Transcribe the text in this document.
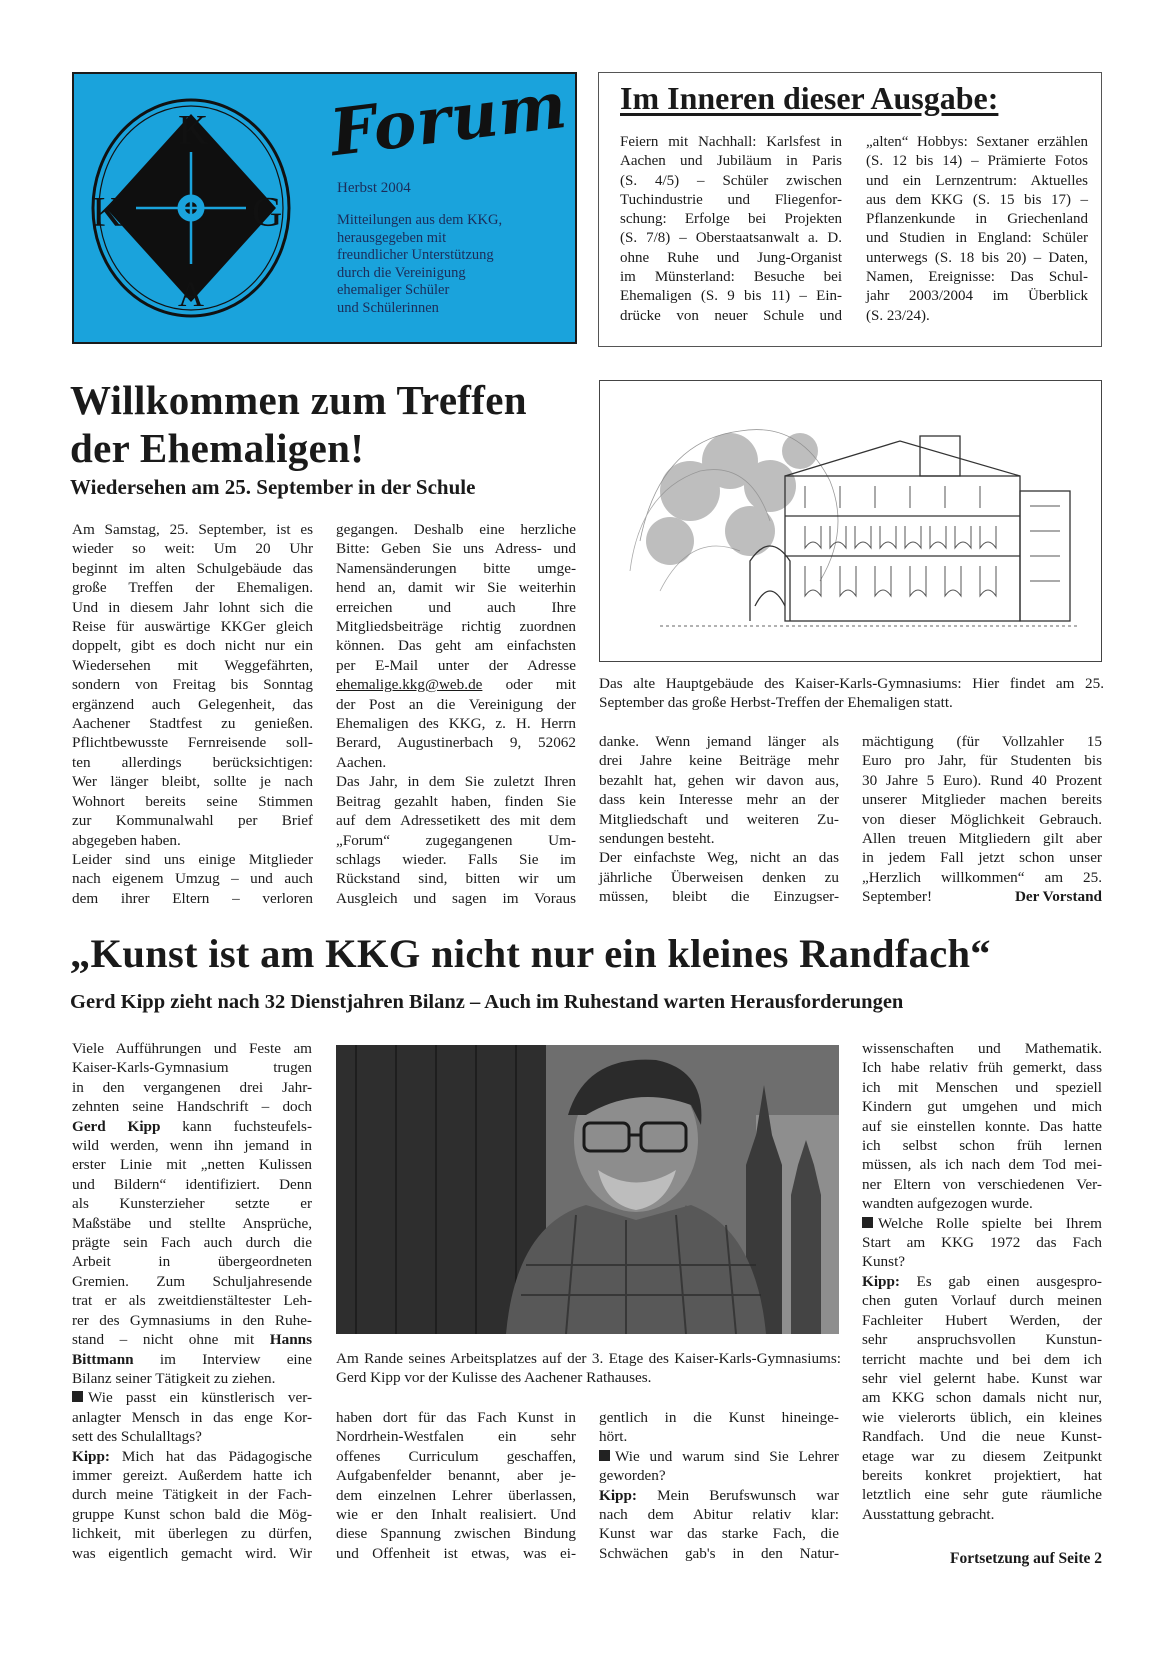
K
K	G
A
Forum
Herbst 2004
Mitteilungen aus dem KKG,
herausgegeben mit
freundlicher Unterstützung
durch die Vereinigung
ehemaliger Schüler
und Schülerinnen
Im Inneren dieser Ausgabe:
Feiern mit Nachhall: Karlsfest in
Aachen und Jubiläum in Paris
(S. 4/5) – Schüler zwischen
Tuchindustrie und Fliegenfor-
schung: Erfolge bei Projekten
(S. 7/8) – Oberstaatsanwalt a. D.
ohne Ruhe und Jung-Organist
im Münsterland: Besuche bei
Ehemaligen (S. 9 bis 11) – Ein-
drücke von neuer Schule und
„alten“ Hobbys: Sextaner erzählen
(S. 12 bis 14) – Prämierte Fotos
und ein Lernzentrum: Aktuelles
aus dem KKG (S. 15 bis 17) –
Pflanzenkunde in Griechenland
und Studien in England: Schüler
unterwegs (S. 18 bis 20) – Daten,
Namen, Ereignisse: Das Schul-
jahr 2003/2004 im Überblick
(S. 23/24).
Willkommen zum Treffen
der Ehemaligen!
Wiedersehen am 25. September in der Schule

Am Samstag, 25. September, ist es

wieder so weit: Um 20 Uhr

beginnt im alten Schulgebäude das

große Treffen der Ehemaligen.

Und in diesem Jahr lohnt sich die

Reise für auswärtige KKGer gleich

doppelt, gibt es doch nicht nur ein

Wiedersehen mit Weggefährten,

sondern von Freitag bis Sonntag

ergänzend auch Gelegenheit, das

Aachener Stadtfest zu genießen.

Pflichtbewusste Fernreisende soll-

ten allerdings berücksichtigen:

Wer länger bleibt, sollte je nach

Wohnort bereits seine Stimmen

zur Kommunalwahl per Brief

abgegeben haben.

Leider sind uns einige Mitglieder

nach eigenem Umzug – und auch

dem ihrer Eltern – verloren

gegangen. Deshalb eine herzliche

Bitte: Geben Sie uns Adress- und

Namensänderungen bitte umge-

hend an, damit wir Sie weiterhin

erreichen und auch Ihre

Mitgliedsbeiträge richtig zuordnen

können. Das geht am einfachsten

per E-Mail unter der Adresse

ehemalige.kkg@web.de oder mit

der Post an die Vereinigung der

Ehemaligen des KKG, z. H. Herrn

Berard, Augustinerbach 9, 52062

Aachen.

Das Jahr, in dem Sie zuletzt Ihren

Beitrag gezahlt haben, finden Sie

auf dem Adressetikett des mit dem

„Forum“ zugegangenen Um-

schlags wieder. Falls Sie im

Rückstand sind, bitten wir um

Ausgleich und sagen im Voraus

Das alte Hauptgebäude des Kaiser-Karls-Gymnasiums: Hier findet am 25. September das große Herbst-Treffen der Ehemaligen statt.

danke. Wenn jemand länger als

drei Jahre keine Beiträge mehr

bezahlt hat, gehen wir davon aus,

dass kein Interesse mehr an der

Mitgliedschaft und weiteren Zu-

sendungen besteht.

Der einfachste Weg, nicht an das

jährliche Überweisen denken zu

müssen, bleibt die Einzugser-

mächtigung (für Vollzahler 15

Euro pro Jahr, für Studenten bis

30 Jahre 5 Euro). Rund 40 Prozent

unserer Mitglieder machen bereits

von dieser Möglichkeit Gebrauch.

Allen treuen Mitgliedern gilt aber

in jedem Fall jetzt schon unser

„Herzlich willkommen“ am 25.

September!	Der Vorstand

„Kunst ist am KKG nicht nur ein kleines Randfach“
Gerd Kipp zieht nach 32 Dienstjahren Bilanz – Auch im Ruhestand warten Herausforderungen

Viele Aufführungen und Feste am

Kaiser-Karls-Gymnasium trugen

in den vergangenen drei Jahr-

zehnten seine Handschrift – doch

Gerd Kipp kann fuchsteufels-

wild werden, wenn ihn jemand in

erster Linie mit „netten Kulissen

und Bildern“ identifiziert. Denn

als Kunsterzieher setzte er

Maßstäbe und stellte Ansprüche,

prägte sein Fach auch durch die

Arbeit in übergeordneten

Gremien. Zum Schuljahresende

trat er als zweitdienstältester Leh-

rer des Gymnasiums in den Ruhe-

stand – nicht ohne mit Hanns

Bittmann im Interview eine

Bilanz seiner Tätigkeit zu ziehen.

Wie passt ein künstlerisch ver-

anlagter Mensch in das enge Kor-

sett des Schulalltags?

Kipp: Mich hat das Pädagogische

immer gereizt. Außerdem hatte ich

durch meine Tätigkeit in der Fach-

gruppe Kunst schon bald die Mög-

lichkeit, mit überlegen zu dürfen,

was eigentlich gemacht wird. Wir

Am Rande seines Arbeitsplatzes auf der 3. Etage des Kaiser-Karls-Gymnasiums: Gerd Kipp vor der Kulisse des Aachener Rathauses.

haben dort für das Fach Kunst in

Nordrhein-Westfalen ein sehr

offenes Curriculum geschaffen,

Aufgabenfelder benannt, aber je-

dem einzelnen Lehrer überlassen,

wie er den Inhalt realisiert. Und

diese Spannung zwischen Bindung

und Offenheit ist etwas, was ei-

gentlich in die Kunst hineinge-

hört.

Wie und warum sind Sie Lehrer

geworden?

Kipp: Mein Berufswunsch war

nach dem Abitur relativ klar:

Kunst war das starke Fach, die

Schwächen gab's in den Natur-

wissenschaften und Mathematik.

Ich habe relativ früh gemerkt, dass

ich mit Menschen und speziell

Kindern gut umgehen und mich

auf sie einstellen konnte. Das hatte

ich selbst schon früh lernen

müssen, als ich nach dem Tod mei-

ner Eltern von verschiedenen Ver-

wandten aufgezogen wurde.

Welche Rolle spielte bei Ihrem

Start am KKG 1972 das Fach

Kunst?

Kipp: Es gab einen ausgespro-

chen guten Vorlauf durch meinen

Fachleiter Hubert Werden, der

sehr anspruchsvollen Kunstun-

terricht machte und bei dem ich

sehr viel gelernt habe. Kunst war

am KKG schon damals nicht nur,

wie vielerorts üblich, ein kleines

Randfach. Und die neue Kunst-

etage war zu diesem Zeitpunkt

bereits konkret projektiert, hat

letztlich eine sehr gute räumliche

Ausstattung gebracht.

Fortsetzung auf Seite 2
